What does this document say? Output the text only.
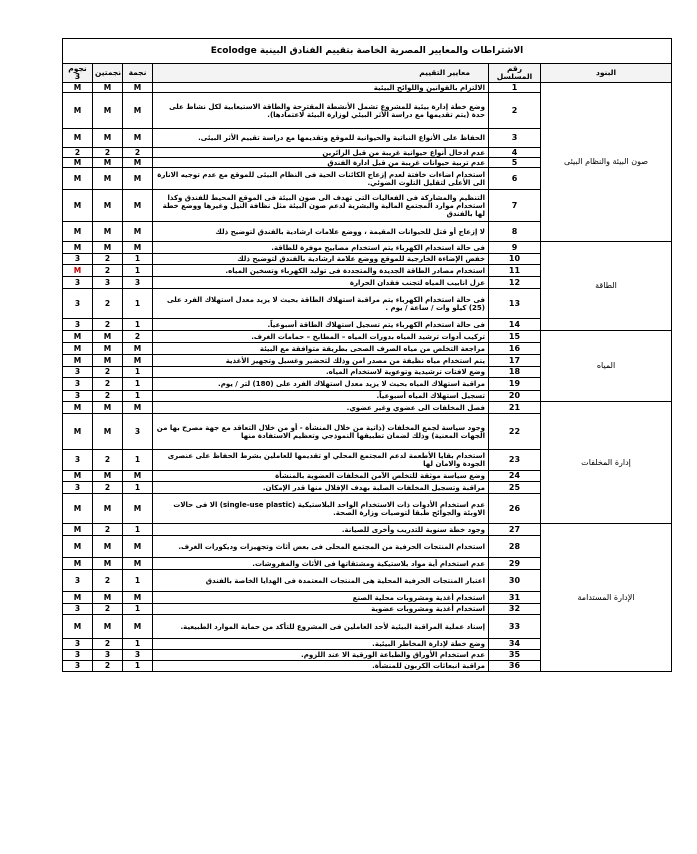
الاشتراطات والمعايير المصرية الخاصة بتقييم الفنادق البينية Ecolodge					
نجوم 3	نجمتين	نجمة	معايير التقييم	رقم المسلسل	البنود
M	M	M	الالتزام بالقوانين واللوائح البيئية	1	صون البيئة والنظام البيئى
M	M	M	وضع خطة إدارة بيئية للمشروع تشمل الأنشطة المقترحة والطاقة الاستيعابية لكل نشاط على حدة (يتم تقديمها مع دراسة الأثر البيئي لوزارة البيئة لاعتمادها).	2	
M	M	M	الحفاظ على الأنواع النباتية والحيوانية للموقع وتقديمها مع دراسة تقييم الأثر البيئى.	3	
2	2	2	عدم ادخال أنواع حيوانية غريبة من قبل الزائرين	4	
M	M	M	عدم تربية حيوانات غريبة من قبل ادارة الفندق	5	
M	M	M	استخدام اضاءات خافتة لعدم إزعاج الكائنات الحية فى النظام البيئى للموقع مع عدم توجيه الانارة الى الأعلى لتقليل التلوث الضوئي.	6	
M	M	M	التنظيم والمشاركة فى الفعاليات التى تهدف الى صون البيئة فى الموقع المحيط للفندق وكذا استخدام موارد المجتمع المالية والبشرية لدعم صون البيئة مثل نظافة النيل وغيرها ووضع خطة لها بالفندق	7	
M	M	M	لا إزعاج أو قتل للحيوانات المقيمة ، ووضع علامات ارشادية بالفندق لتوضيح ذلك	8	
M	M	M	فى حالة استخدام الكهرباء يتم استخدام مصابيح موفرة للطاقة.	9	الطاقة
3	2	1	خفض الإضاءة الخارجية للموقع ووضع علامة ارشادية بالفندق لتوضيح ذلك	10	
M	2	1	استخدام مصادر الطاقة الجديدة والمتجددة فى توليد الكهرباء وتسخين المياه.	11	
3	3	3	عزل انابيب المياه لتجنب فقدان الحرارة	12	
3	2	1	فى حالة استخدام الكهرباء يتم مراقبة استهلاك الطاقة بحيث لا يزيد معدل استهلاك الفرد على (25) كيلو وات / ساعة / يوم .	13	
3	2	1	فى حالة استخدام الكهرباء يتم تسجيل استهلاك الطاقة أسبوعياً.	14	
M	M	2	تركيب أدوات ترشيد المياه بدورات المياه – المطابخ – حمامات الغرف.	15	المياه
M	M	M	مراجعة التخلص من مياه الصرف الصحى بطريقة متوافقة مع البيئة	16	
M	M	M	يتم استخدام مياه نظيفة من مصدر امن وذلك لتحضير وغسيل وتجهيز الأغذية	17	
3	2	1	وضع لافتات ترشيدية وتوعوية لاستخدام المياه.	18	
3	2	1	مراقبة استهلاك المياه بحيث لا يزيد معدل استهلاك الفرد على (180) لتر / يوم.	19	
3	2	1	تسجيل استهلاك المياه أسبوعياً.	20	
M	M	M	فصل المخلفات الى عضوي وغير عضوي.	21	إدارة المخلفات
M	M	3	وجود سياسة لجمع المخلفات (ذاتية من خلال المنشأة - أو من خلال التعاقد مع جهة مصرح بها من الجهات المعنية) وذلك لضمان تطبيقها النموذجي وتعظيم الاستفادة منها	22	
3	2	1	استخدام بقايا الأطعمة لدعم المجتمع المحلي او تقديمها للعاملين بشرط الحفاظ على عنصرى الجودة والامان لها	23	
M	M	M	وضع سياسة موثقة للتخلص الآمن المخلفات العضوية بالمنشأة	24	
3	2	1	مراقبة وتسجيل المخلفات الصلبة بهدف الإقلال منها قدر الإمكان.	25	
M	M	M	عدم استخدام الأدوات ذات الاستخدام الواحد البلاستيكية (single-use plastic) الا فى حالات الاوبئة والجوائح طبقا لتوصيات وزارة الصحة.	26	
M	2	1	وجود خطة سنوية للتدريب وأخرى للصيانة.	27	الإدارة المستدامة
M	M	M	استخدام المنتجات الحرفية من المجتمع المحلى فى بعض أثاث وتجهيزات وديكورات الغرف.	28	
M	M	M	عدم استخدام أية مواد بلاستيكية ومشتقاتها فى الأثاث والمفروشات.	29	
3	2	1	اعتبار المنتجات الحرفية المحلية هى المنتجات المعتمدة فى الهدايا الخاصة بالفندق	30	
M	M	M	استخدام أغذية ومشروبات محلية الصنع	31	
3	2	1	استخدام أغذية ومشروبات عضوية	32	
M	M	M	إسناد عملية المراقبة البيئية لأحد العاملين فى المشروع للتأكد من حماية الموارد الطبيعية.	33	
3	2	1	وضع خطة لإدارة المخاطر البيئية.	34	
3	3	3	عدم استخدام الأوراق والطباعة الورقية الا عند اللزوم.	35	
3	2	1	مراقبة انبعاثات الكربون للمنشأة.	36	
